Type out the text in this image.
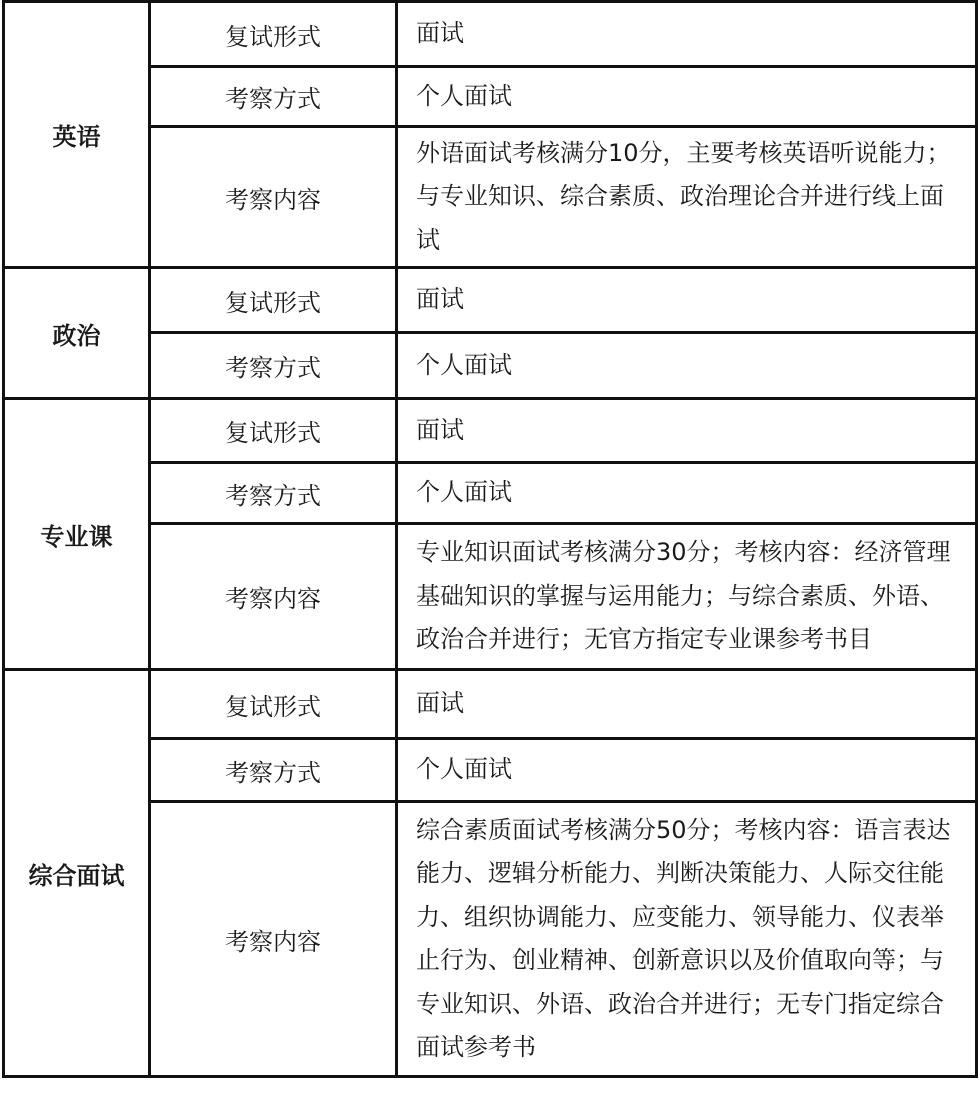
英语	复试形式	面试
	考察方式	个人面试
	考察内容	外语面试考核满分10分，主要考核英语听说能力；与专业知识、综合素质、政治理论合并进行线上面试
政治	复试形式	面试
	考察方式	个人面试
专业课	复试形式	面试
	考察方式	个人面试
	考察内容	专业知识面试考核满分30分；考核内容：经济管理基础知识的掌握与运用能力；与综合素质、外语、政治合并进行；无官方指定专业课参考书目
综合面试	复试形式	面试
	考察方式	个人面试
	考察内容	综合素质面试考核满分50分；考核内容：语言表达能力、逻辑分析能力、判断决策能力、人际交往能力、组织协调能力、应变能力、领导能力、仪表举止行为、创业精神、创新意识以及价值取向等；与专业知识、外语、政治合并进行；无专门指定综合面试参考书
